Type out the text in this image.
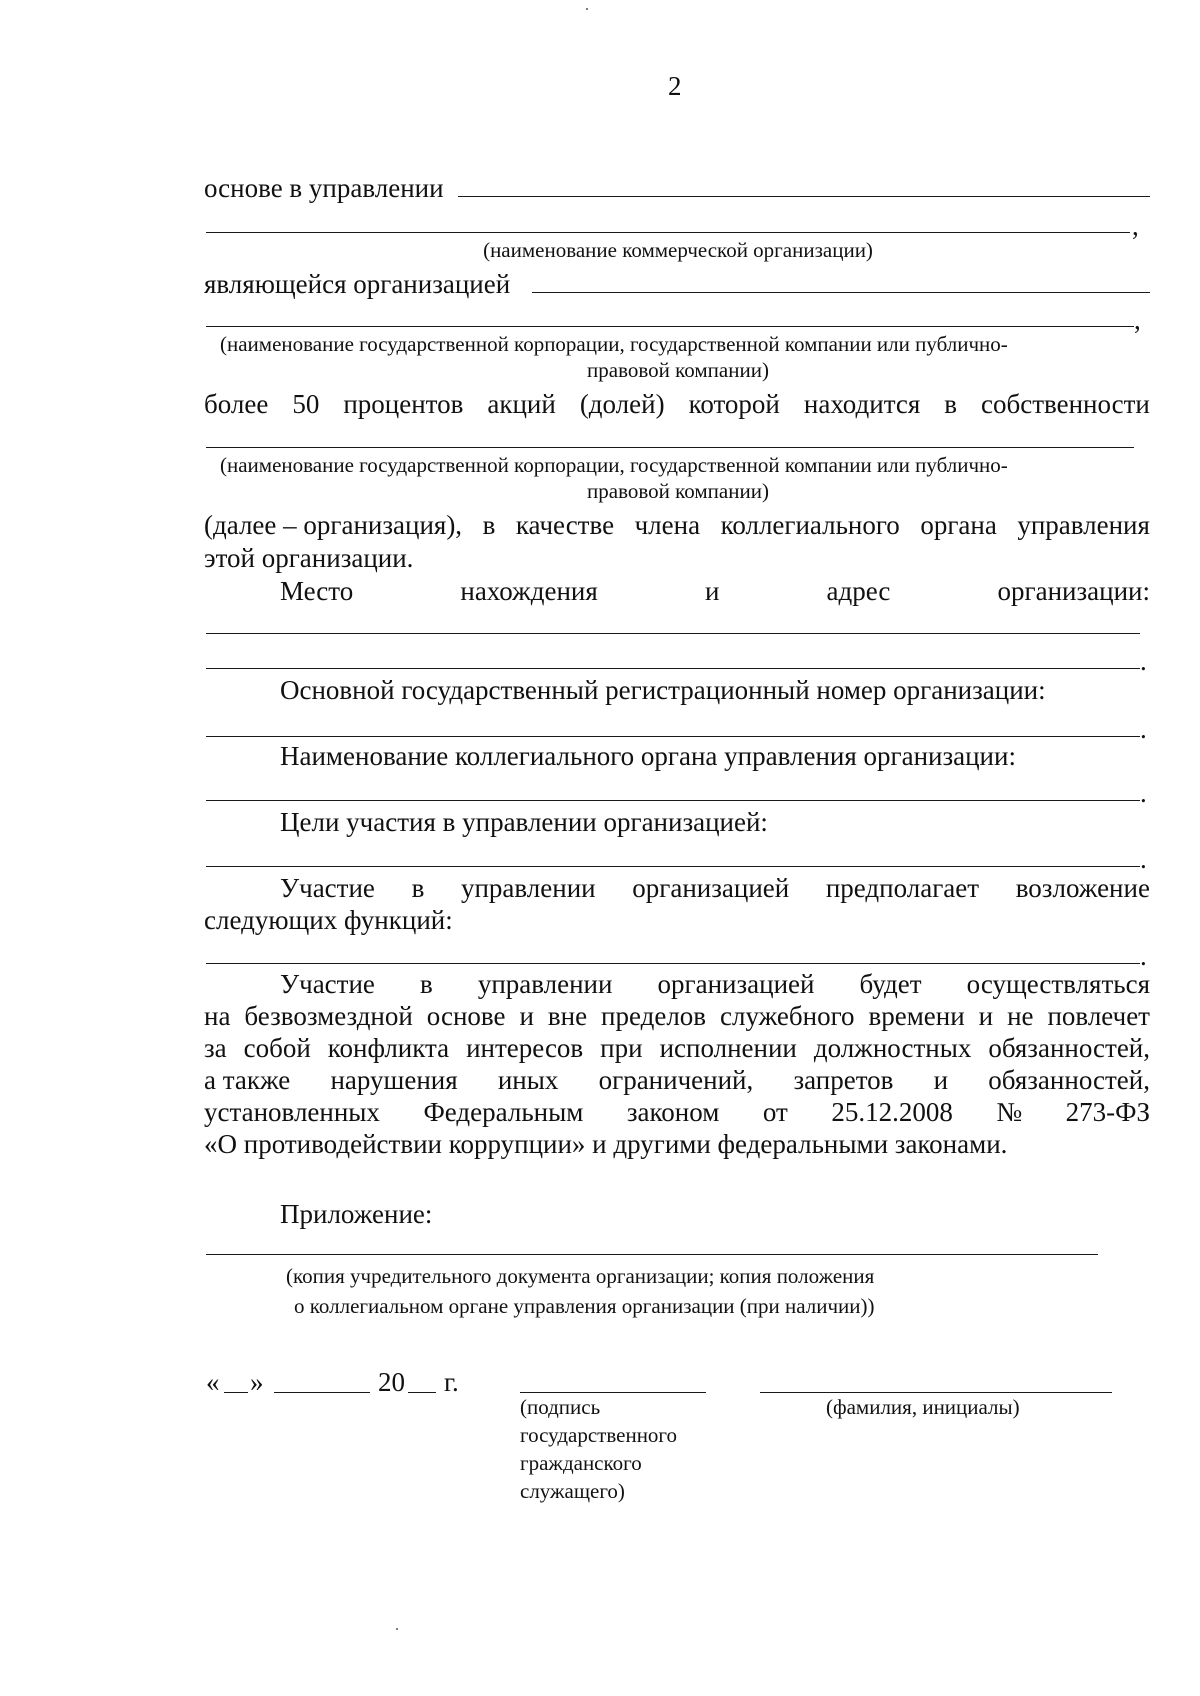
2
основе в управлении
,
(наименование коммерческой организации)
являющейся организацией
,
(наименование государственной корпорации, государственной компании или публично-
правовой компании)
более 50 процентов акций (долей) которой находится в собственности
(наименование государственной корпорации, государственной компании или публично-
правовой компании)
(далее – организация), в качестве члена коллегиального органа управления
этой организации.
Место	нахождения	и	адрес	организации:
.
Основной государственный регистрационный номер организации:
.
Наименование коллегиального органа управления организации:
.
Цели участия в управлении организацией:
.
Участие в управлении организацией предполагает возложение
следующих функций:
.
Участие в управлении организацией будет осуществляться
на безвозмездной основе и вне пределов служебного времени и не повлечет
за собой конфликта интересов при исполнении должностных обязанностей,
а также нарушения иных ограничений, запретов и обязанностей,
установленных Федеральным законом от 25.12.2008 № 273-ФЗ
«О противодействии коррупции» и другими федеральными законами.
Приложение:
(копия учредительного документа организации; копия положения
о коллегиальном органе управления организации (при наличии))
« »	20 г.
(подпись
государственного
гражданского
служащего)
(фамилия, инициалы)
